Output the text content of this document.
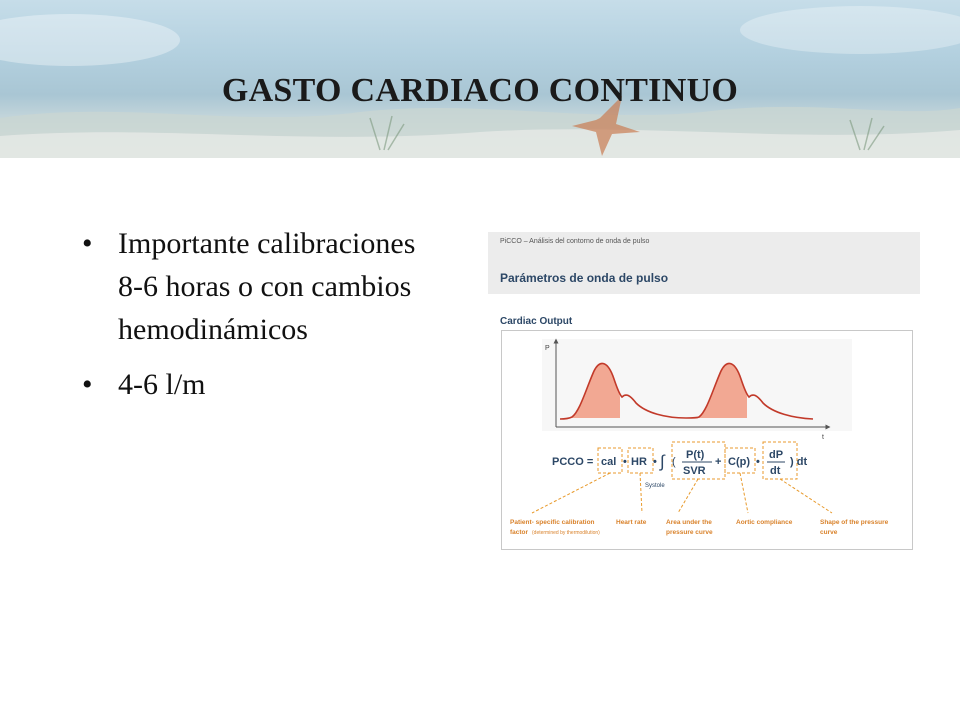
GASTO CARDIACO CONTINUO
• Importante calibraciones 8-6 horas o con cambios hemodinámicos
• 4-6 l/m
PiCCO – Análisis del contorno de onda de pulso
Parámetros de onda de pulso
Cardiac Output
P
t
PCCO = cal • HR • ∫ (
P(t)
SVR
+ C(p) •
dP
dt
) dt
Systole
Patient- specific calibration
factor (determined by thermodilution)
Heart rate	Area under the
pressure curve
Aortic compliance	Shape of the pressure
curve
